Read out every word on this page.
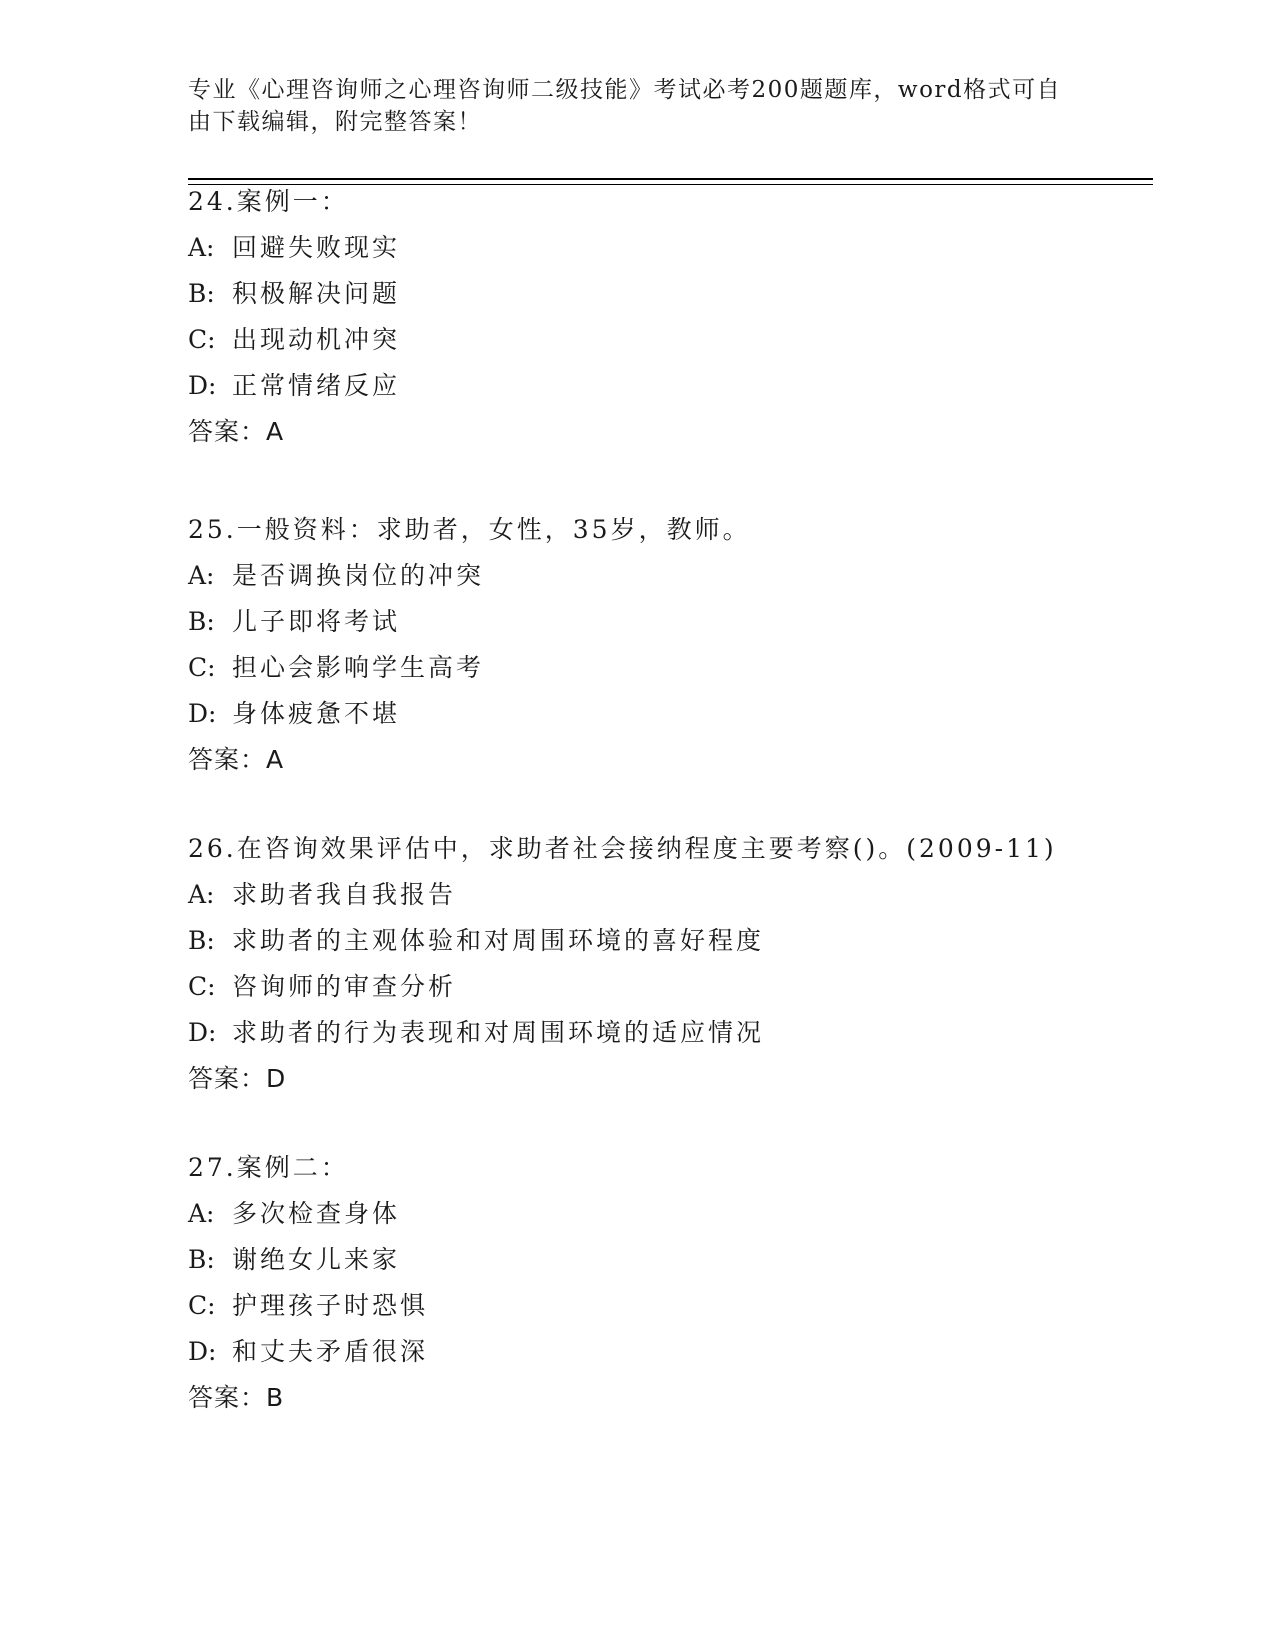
专业《心理咨询师之心理咨询师二级技能》考试必考200题题库，word格式可自由下载编辑，附完整答案！
24.案例一：
A: 回避失败现实
B: 积极解决问题
C: 出现动机冲突
D: 正常情绪反应
答案：A
25.一般资料：求助者，女性，35岁，教师。
A: 是否调换岗位的冲突
B: 儿子即将考试
C: 担心会影响学生高考
D: 身体疲惫不堪
答案：A
26.在咨询效果评估中，求助者社会接纳程度主要考察()。(2009-11)
A: 求助者我自我报告
B: 求助者的主观体验和对周围环境的喜好程度
C: 咨询师的审查分析
D: 求助者的行为表现和对周围环境的适应情况
答案：D
27.案例二：
A: 多次检查身体
B: 谢绝女儿来家
C: 护理孩子时恐惧
D: 和丈夫矛盾很深
答案：B
